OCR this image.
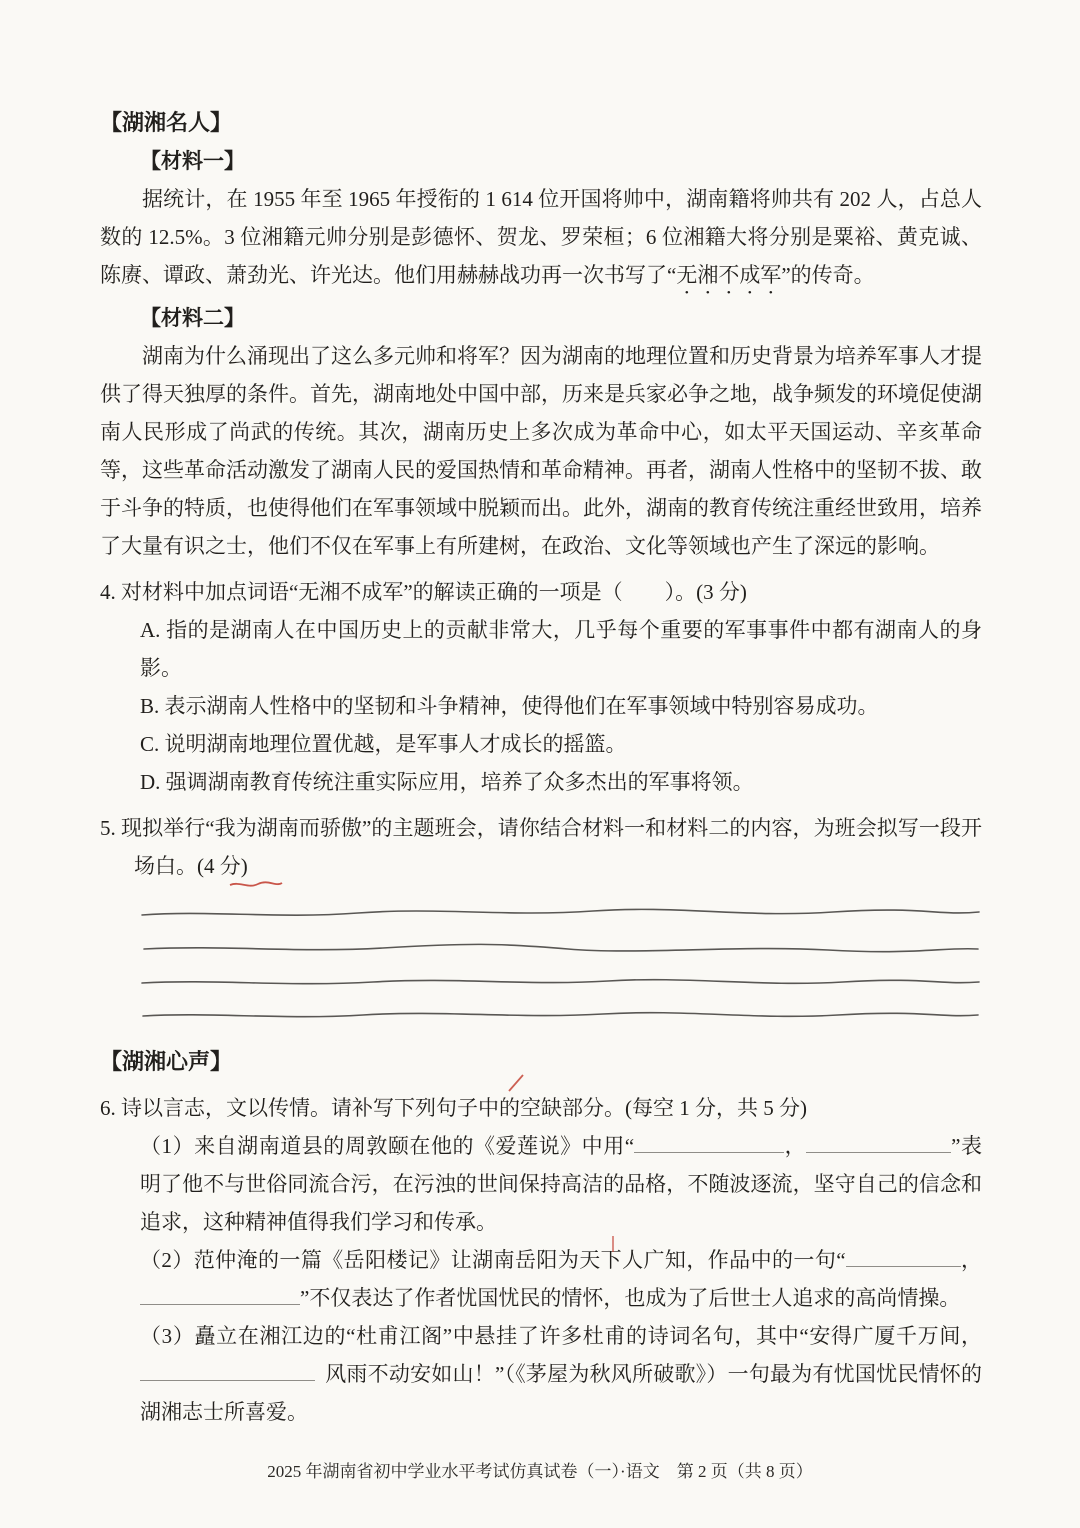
【湖湘名人】
【材料一】

据统计，在 1955 年至 1965 年授衔的 1 614 位开国将帅中，湖南籍将帅共有 202 人，占总人数的 12.5%。3 位湘籍元帅分别是彭德怀、贺龙、罗荣桓；6 位湘籍大将分别是粟裕、黄克诚、陈赓、谭政、萧劲光、许光达。他们用赫赫战功再一次书写了“无湘不成军”的传奇。

【材料二】

湖南为什么涌现出了这么多元帅和将军？因为湖南的地理位置和历史背景为培养军事人才提供了得天独厚的条件。首先，湖南地处中国中部，历来是兵家必争之地，战争频发的环境促使湖南人民形成了尚武的传统。其次，湖南历史上多次成为革命中心，如太平天国运动、辛亥革命等，这些革命活动激发了湖南人民的爱国热情和革命精神。再者，湖南人性格中的坚韧不拔、敢于斗争的特质，也使得他们在军事领域中脱颖而出。此外，湖南的教育传统注重经世致用，培养了大量有识之士，他们不仅在军事上有所建树，在政治、文化等领域也产生了深远的影响。

4. 对材料中加点词语“无湘不成军”的解读正确的一项是（　　）。(3 分)

A. 指的是湖南人在中国历史上的贡献非常大，几乎每个重要的军事事件中都有湖南人的身影。

B. 表示湖南人性格中的坚韧和斗争精神，使得他们在军事领域中特别容易成功。

C. 说明湖南地理位置优越，是军事人才成长的摇篮。

D. 强调湖南教育传统注重实际应用，培养了众多杰出的军事将领。

5. 现拟举行“我为湖南而骄傲”的主题班会，请你结合材料一和材料二的内容，为班会拟写一段开场白。(4 分)

【湖湘心声】

6. 诗以言志，文以传情。请补写下列句子中的空缺部分。(每空 1 分，共 5 分)

（1）来自湖南道县的周敦颐在他的《爱莲说》中用“	，	”表明了他不与世俗同流合污，在污浊的世间保持高洁的品格，不随波逐流，坚守自己的信念和追求，这种精神值得我们学习和传承。

（2）范仲淹的一篇《岳阳楼记》让湖南岳阳为天下人广知，作品中的一句“	，”不仅表达了作者忧国忧民的情怀，也成为了后世士人追求的高尚情操。

（3）矗立在湘江边的“杜甫江阁”中悬挂了许多杜甫的诗词名句，其中“安得广厦千万间，风雨不动安如山！”（《茅屋为秋风所破歌》）一句最为有忧国忧民情怀的湖湘志士所喜爱。

2025 年湖南省初中学业水平考试仿真试卷（一）·语文　第 2 页（共 8 页）
